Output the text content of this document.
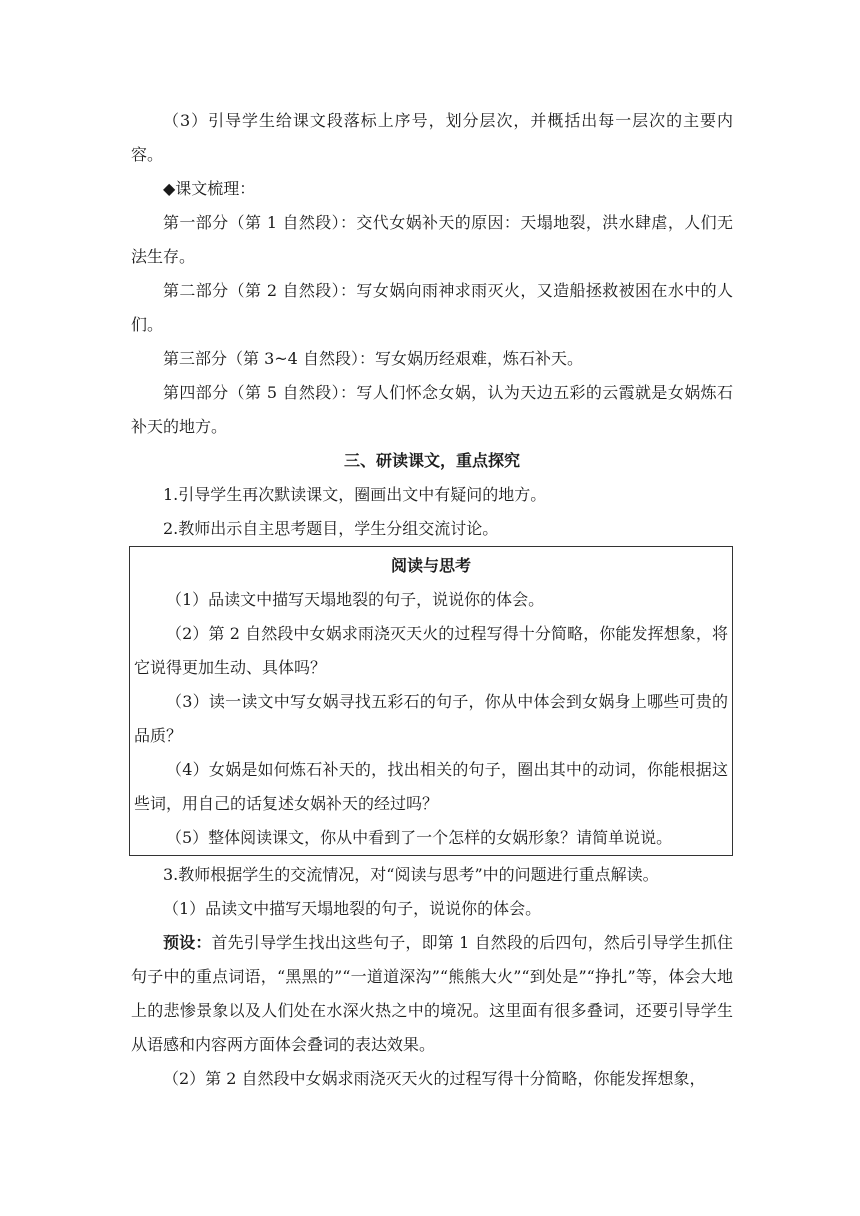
（3）引导学生给课文段落标上序号，划分层次，并概括出每一层次的主要内容。

◆课文梳理：

第一部分（第 1 自然段）：交代女娲补天的原因：天塌地裂，洪水肆虐，人们无法生存。

第二部分（第 2 自然段）：写女娲向雨神求雨灭火，又造船拯救被困在水中的人们。

第三部分（第 3~4 自然段）：写女娲历经艰难，炼石补天。

第四部分（第 5 自然段）：写人们怀念女娲，认为天边五彩的云霞就是女娲炼石补天的地方。

三、研读课文，重点探究

1.引导学生再次默读课文，圈画出文中有疑问的地方。

2.教师出示自主思考题目，学生分组交流讨论。

阅读与思考

（1）品读文中描写天塌地裂的句子，说说你的体会。

（2）第 2 自然段中女娲求雨浇灭天火的过程写得十分简略，你能发挥想象，将它说得更加生动、具体吗？

（3）读一读文中写女娲寻找五彩石的句子，你从中体会到女娲身上哪些可贵的品质？

（4）女娲是如何炼石补天的，找出相关的句子，圈出其中的动词，你能根据这些词，用自己的话复述女娲补天的经过吗？

（5）整体阅读课文，你从中看到了一个怎样的女娲形象？请简单说说。

3.教师根据学生的交流情况，对“阅读与思考”中的问题进行重点解读。

（1）品读文中描写天塌地裂的句子，说说你的体会。

预设：首先引导学生找出这些句子，即第 1 自然段的后四句，然后引导学生抓住句子中的重点词语，“黑黑的”“一道道深沟”“熊熊大火”“到处是”“挣扎”等，体会大地上的悲惨景象以及人们处在水深火热之中的境况。这里面有很多叠词，还要引导学生从语感和内容两方面体会叠词的表达效果。

（2）第 2 自然段中女娲求雨浇灭天火的过程写得十分简略，你能发挥想象，
